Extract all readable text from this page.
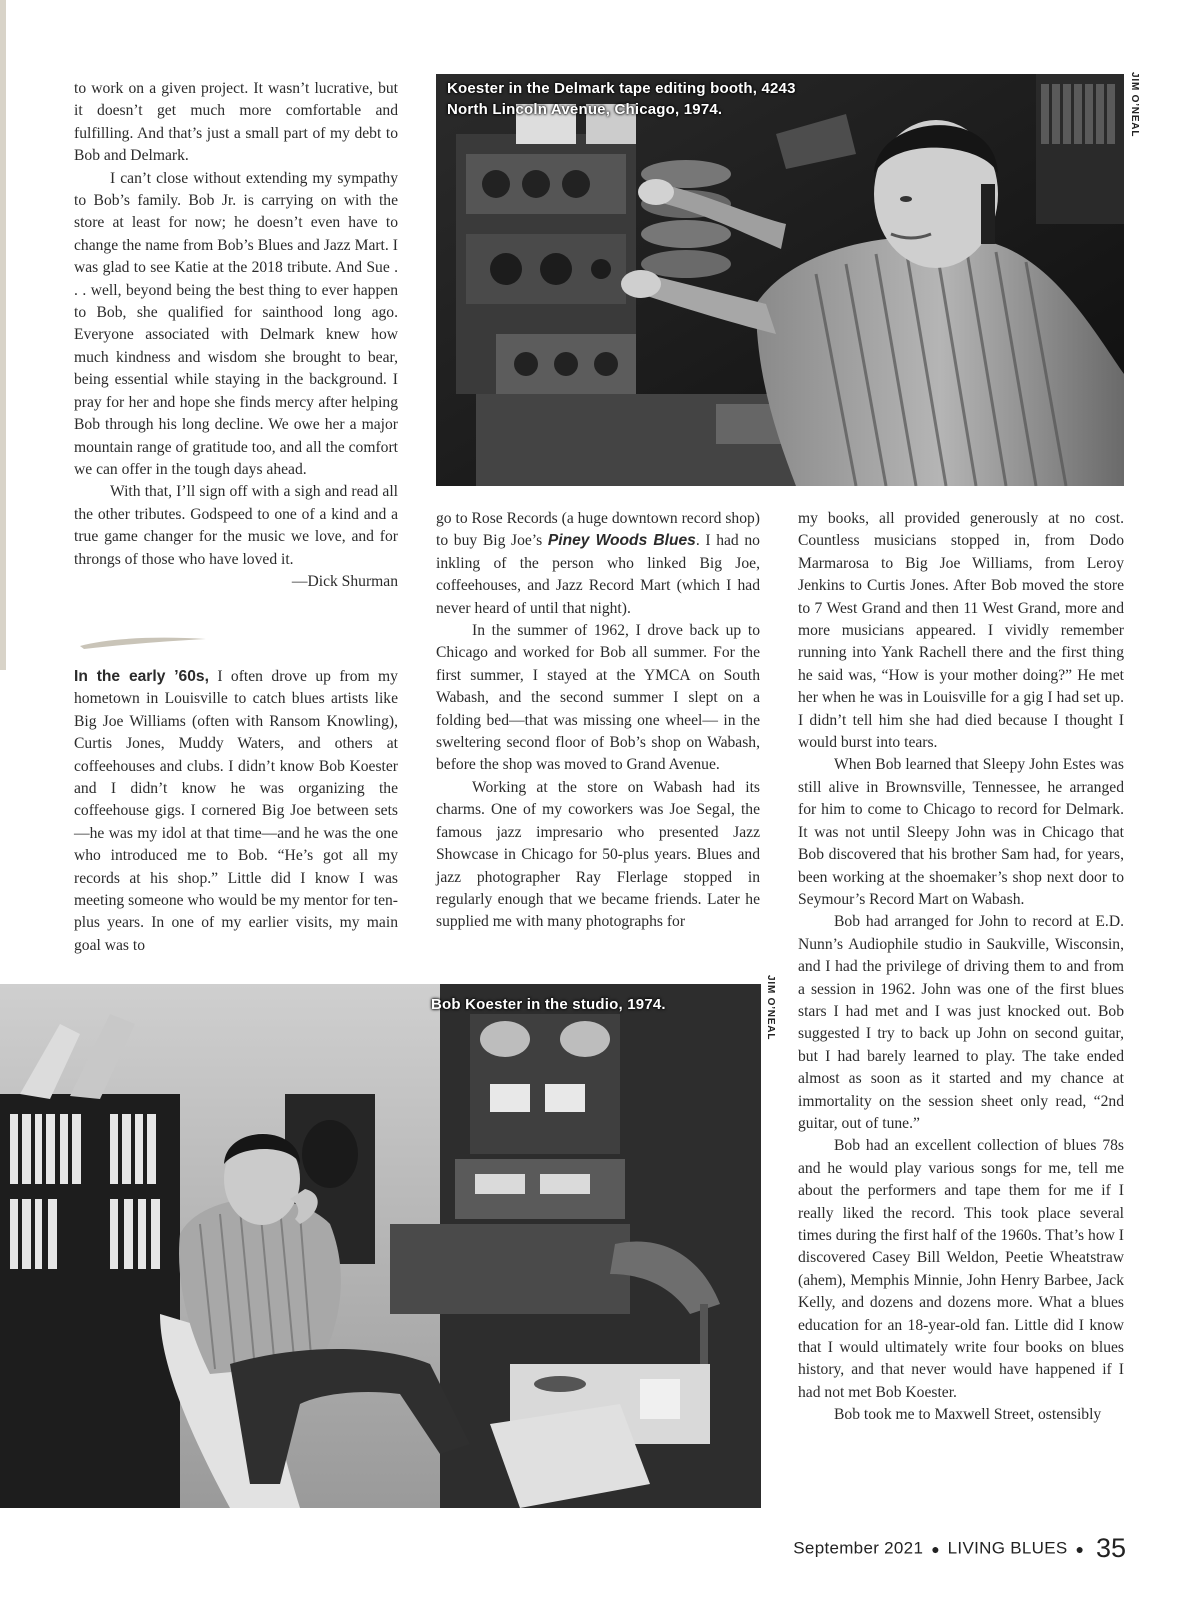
to work on a given project. It wasn’t lucrative, but it doesn’t get much more comfortable and fulfilling. And that’s just a small part of my debt to Bob and Delmark.

I can’t close without extending my sympathy to Bob’s family. Bob Jr. is carrying on with the store at least for now; he doesn’t even have to change the name from Bob’s Blues and Jazz Mart. I was glad to see Katie at the 2018 tribute. And Sue . . . well, beyond being the best thing to ever happen to Bob, she qualified for sainthood long ago. Everyone associated with Delmark knew how much kindness and wisdom she brought to bear, being essential while staying in the background. I pray for her and hope she finds mercy after helping Bob through his long decline. We owe her a major mountain range of gratitude too, and all the comfort we can offer in the tough days ahead.

With that, I’ll sign off with a sigh and read all the other tributes. Godspeed to one of a kind and a true game changer for the music we love, and for throngs of those who have loved it.

—Dick Shurman

In the early ’60s, I often drove up from my hometown in Louisville to catch blues artists like Big Joe Williams (often with Ransom Knowling), Curtis Jones, Muddy Waters, and others at coffeehouses and clubs. I didn’t know Bob Koester and I didn’t know he was organizing the coffeehouse gigs. I cornered Big Joe between sets—he was my idol at that time—and he was the one who introduced me to Bob. “He’s got all my records at his shop.” Little did I know I was meeting someone who would be my mentor for ten-plus years. In one of my earlier visits, my main goal was to

go to Rose Records (a huge downtown record shop) to buy Big Joe’s Piney Woods Blues. I had no inkling of the person who linked Big Joe, coffeehouses, and Jazz Record Mart (which I had never heard of until that night).

In the summer of 1962, I drove back up to Chicago and worked for Bob all summer. For the first summer, I stayed at the YMCA on South Wabash, and the second summer I slept on a folding bed—that was missing one wheel— in the sweltering second floor of Bob’s shop on Wabash, before the shop was moved to Grand Avenue.

Working at the store on Wabash had its charms. One of my coworkers was Joe Segal, the famous jazz impresario who presented Jazz Showcase in Chicago for 50-plus years. Blues and jazz photographer Ray Flerlage stopped in regularly enough that we became friends. Later he supplied me with many photographs for

my books, all provided generously at no cost. Countless musicians stopped in, from Dodo Marmarosa to Big Joe Williams, from Leroy Jenkins to Curtis Jones. After Bob moved the store to 7 West Grand and then 11 West Grand, more and more musicians appeared. I vividly remember running into Yank Rachell there and the first thing he said was, “How is your mother doing?” He met her when he was in Louisville for a gig I had set up. I didn’t tell him she had died because I thought I would burst into tears.

When Bob learned that Sleepy John Estes was still alive in Brownsville, Tennessee, he arranged for him to come to Chicago to record for Delmark. It was not until Sleepy John was in Chicago that Bob discovered that his brother Sam had, for years, been working at the shoemaker’s shop next door to Seymour’s Record Mart on Wabash.

Bob had arranged for John to record at E.D. Nunn’s Audiophile studio in Saukville, Wisconsin, and I had the privilege of driving them to and from a session in 1962. John was one of the first blues stars I had met and I was just knocked out. Bob suggested I try to back up John on second guitar, but I had barely learned to play. The take ended almost as soon as it started and my chance at immortality on the session sheet only read, “2nd guitar, out of tune.”

Bob had an excellent collection of blues 78s and he would play various songs for me, tell me about the performers and tape them for me if I really liked the record. This took place several times during the first half of the 1960s. That’s how I discovered Casey Bill Weldon, Peetie Wheatstraw (ahem), Memphis Minnie, John Henry Barbee, Jack Kelly, and dozens and dozens more. What a blues education for an 18-year-old fan. Little did I know that I would ultimately write four books on blues history, and that never would have happened if I had not met Bob Koester.

Bob took me to Maxwell Street, ostensibly

Koester in the Delmark tape editing booth, 4243 North Lincoln Avenue, Chicago, 1974.	JIM O’NEAL
Bob Koester in the studio, 1974.	JIM O’NEAL
September 2021 ● LIVING BLUES ● 35
